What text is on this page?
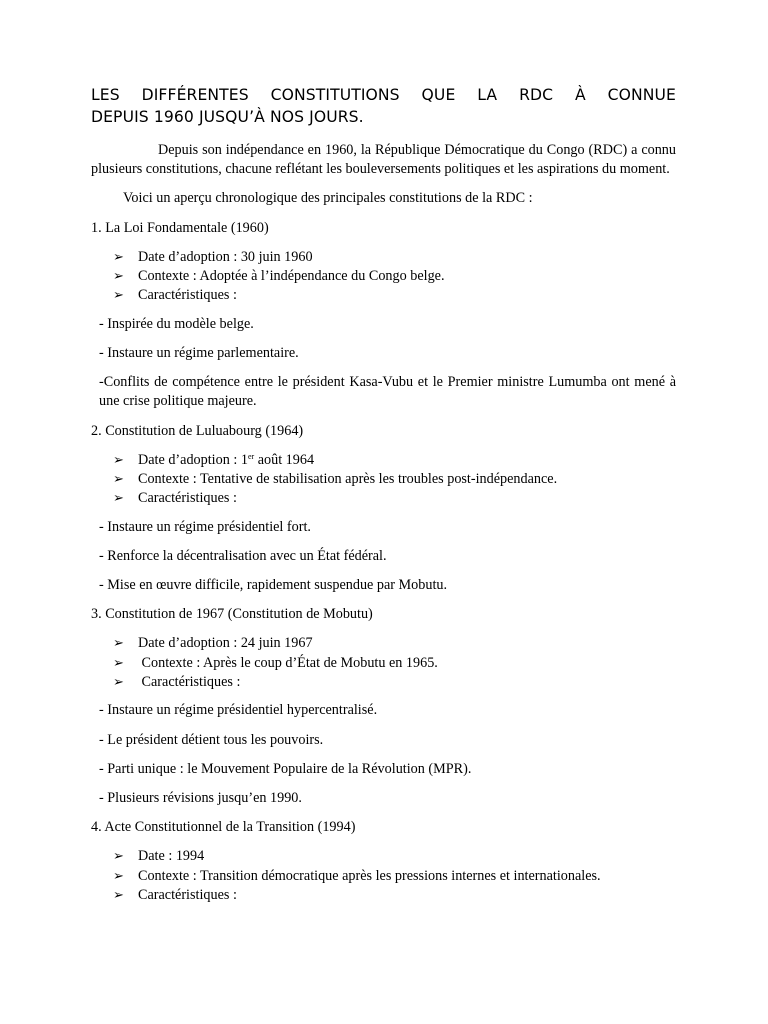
LES DIFFÉRENTES CONSTITUTIONS QUE LA RDC À CONNUE
DEPUIS 1960 JUSQU’À NOS JOURS.

Depuis son indépendance en 1960, la République Démocratique du Congo (RDC) a connu plusieurs constitutions, chacune reflétant les bouleversements politiques et les aspirations du moment.

Voici un aperçu chronologique des principales constitutions de la RDC :

1. La Loi Fondamentale (1960)

➢ Date d’adoption : 30 juin 1960
➢ Contexte : Adoptée à l’indépendance du Congo belge.
➢ Caractéristiques :

- Inspirée du modèle belge.

- Instaure un régime parlementaire.

-Conflits de compétence entre le président Kasa-Vubu et le Premier ministre Lumumba ont mené à une crise politique majeure.

2. Constitution de Luluabourg (1964)

➢ Date d’adoption : 1er août 1964
➢ Contexte : Tentative de stabilisation après les troubles post-indépendance.
➢ Caractéristiques :

- Instaure un régime présidentiel fort.

- Renforce la décentralisation avec un État fédéral.

- Mise en œuvre difficile, rapidement suspendue par Mobutu.

3. Constitution de 1967 (Constitution de Mobutu)

➢ Date d’adoption : 24 juin 1967
➢ Contexte : Après le coup d’État de Mobutu en 1965.
➢ Caractéristiques :

- Instaure un régime présidentiel hypercentralisé.

- Le président détient tous les pouvoirs.

- Parti unique : le Mouvement Populaire de la Révolution (MPR).

- Plusieurs révisions jusqu’en 1990.

4. Acte Constitutionnel de la Transition (1994)

➢ Date : 1994
➢ Contexte : Transition démocratique après les pressions internes et internationales.
➢ Caractéristiques :
